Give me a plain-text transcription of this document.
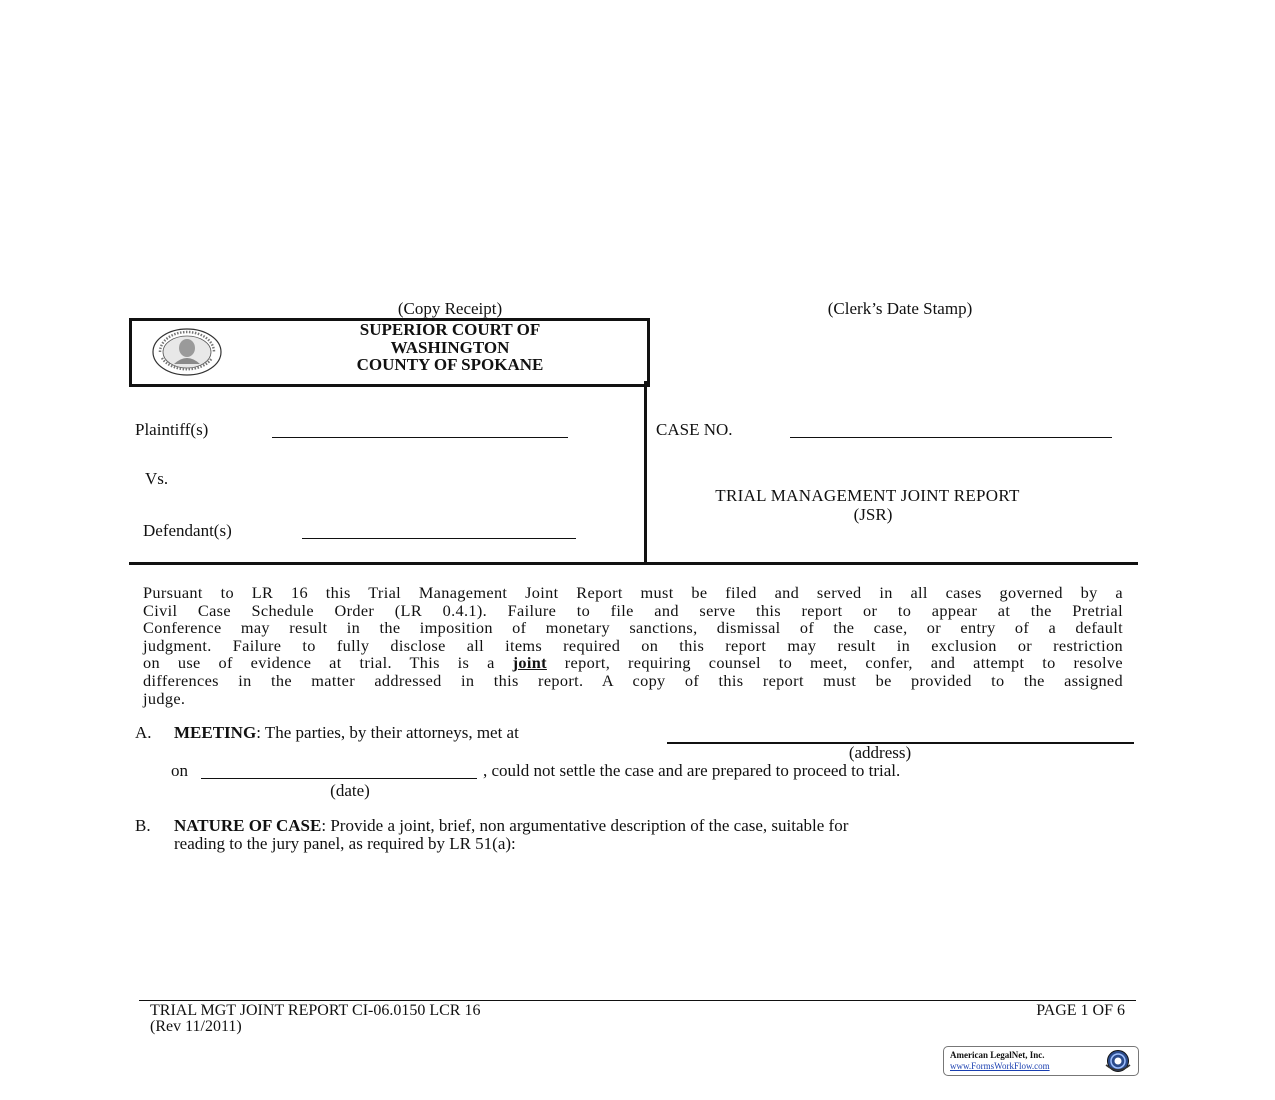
(Copy Receipt)	(Clerk’s Date Stamp)
SUPERIOR COURT OF
WASHINGTON
COUNTY OF SPOKANE
Plaintiff(s)
Vs.
Defendant(s)
CASE NO.
TRIAL MANAGEMENT JOINT REPORT
(JSR)
Pursuant to LR 16 this Trial Management Joint Report must be filed and served in all cases governed by a
Civil Case Schedule Order (LR 0.4.1). Failure to file and serve this report or to appear at the Pretrial
Conference may result in the imposition of monetary sanctions, dismissal of the case, or entry of a default
judgment. Failure to fully disclose all items required on this report may result in exclusion or restriction
on use of evidence at trial. This is a joint report, requiring counsel to meet, confer, and attempt to resolve
differences in the matter addressed in this report. A copy of this report must be provided to the assigned
judge.
A. MEETING: The parties, by their attorneys, met at
(address)
on	, could not settle the case and are prepared to proceed to trial.
(date)
B. NATURE OF CASE: Provide a joint, brief, non argumentative description of the case, suitable for
reading to the jury panel, as required by LR 51(a):
TRIAL MGT JOINT REPORT CI-06.0150 LCR 16
(Rev 11/2011)
PAGE 1 OF 6
American LegalNet, Inc.
www.FormsWorkFlow.com
